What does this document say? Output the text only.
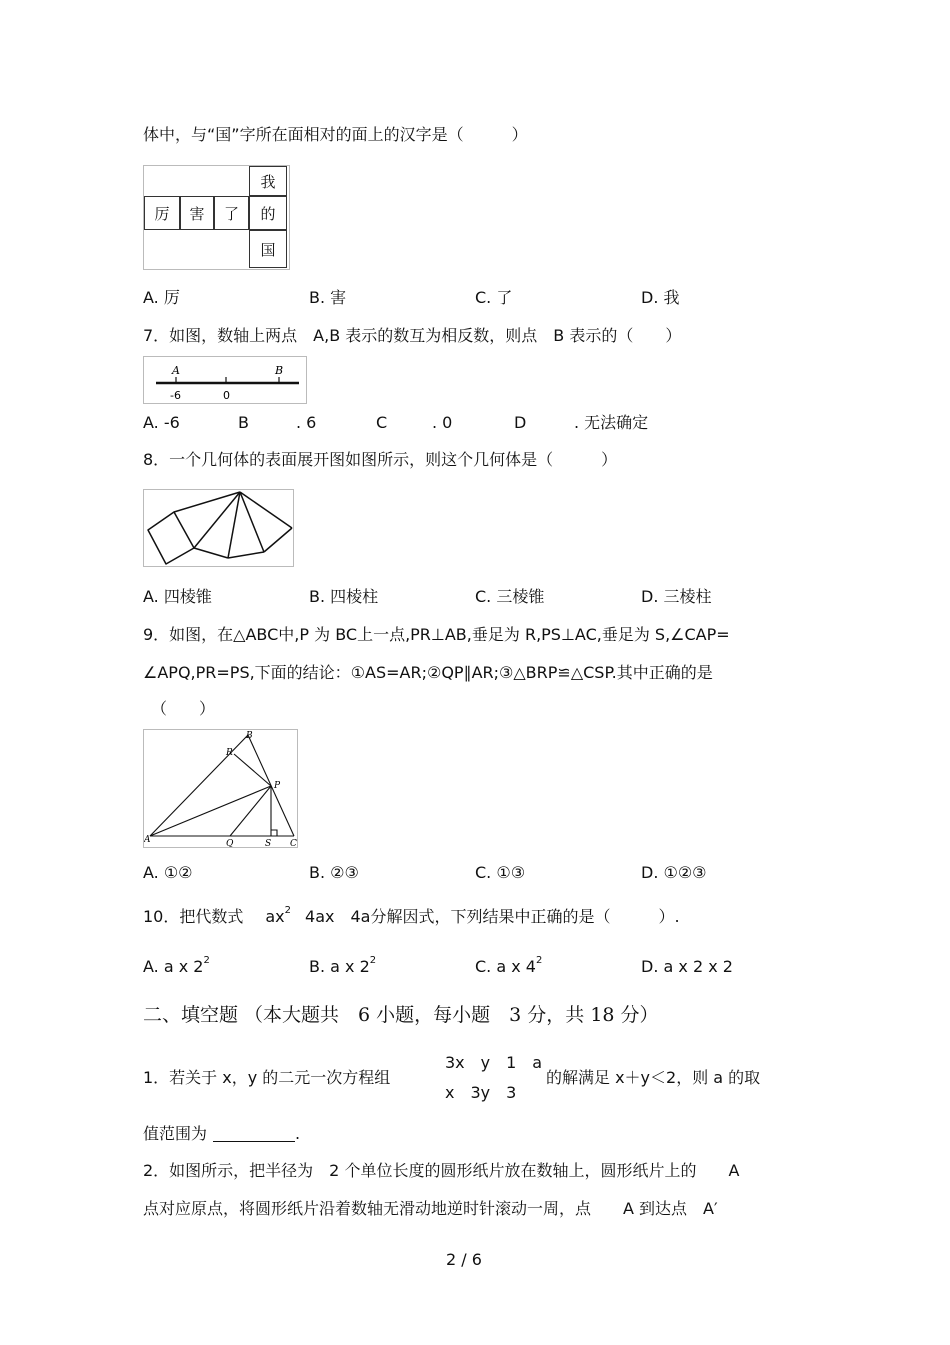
体中，与“国”字所在面相对的面上的汉字是（　　　）
我
厉	害	了	的
国
A. 厉	B. 害	C. 了	D. 我
7．如图，数轴上两点　A,B 表示的数互为相反数，则点　B 表示的（　　）
A	B
-6	0
A. -6	B	. 6	C	. 0	D	. 无法确定
8．一个几何体的表面展开图如图所示，则这个几何体是（　　　）
A. 四棱锥	B. 四棱柱	C. 三棱锥	D. 三棱柱
9．如图，在△ABC中,P 为 BC上一点,PR⊥AB,垂足为 R,PS⊥AC,垂足为 S,∠CAP=
∠APQ,PR=PS,下面的结论：①AS=AR;②QP∥AR;③△BRP≌△CSP.其中正确的是
（　　）
B
R
P
A	Q	S C
A. ①②	B. ②③	C. ①③	D. ①②③
10．把代数式 $ax^2$ 4ax　4a分解因式，下列结果中正确的是（　　　）.
A. a x $2^2$	B. a x $2^2$	C. a x $4^2$	D. a x 2 x 2
二、填空题 （本大题共　6 小题，每小题　3 分，共 18 分）
1．若关于 x，y 的二元一次方程组
3x　y　1　a
x　3y　3
的解满足 x＋y＜2，则 a 的取
值范围为	.
2．如图所示，把半径为　2 个单位长度的圆形纸片放在数轴上，圆形纸片上的　　A
点对应原点，将圆形纸片沿着数轴无滑动地逆时针滚动一周，点　　A 到达点　A′
2 / 6
